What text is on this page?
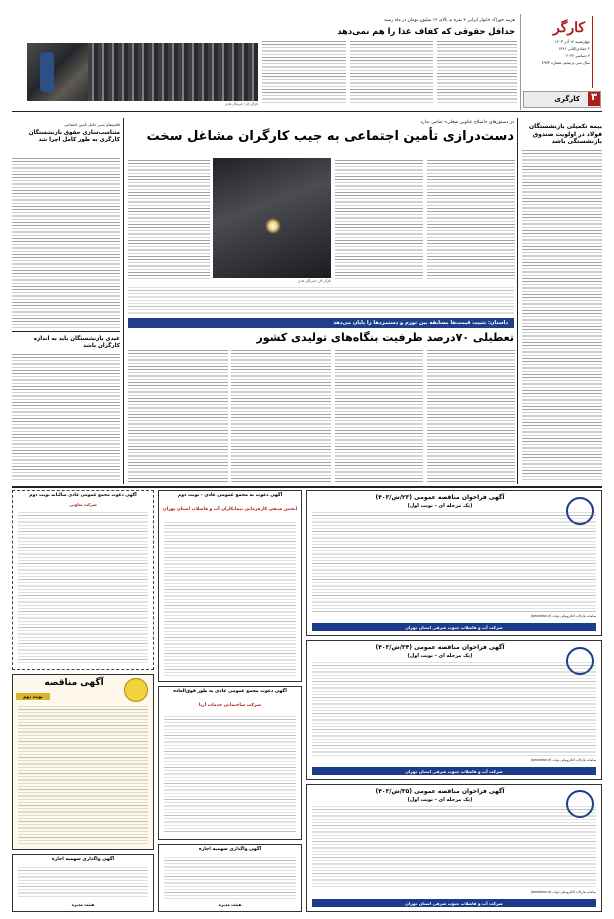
کارگر کار / خبرنگار عادی
هزینه خوراک خانوار ایرانی ۳ نفره به بالای ۱۲ میلیون تومان در ماه رسید
حداقل حقوقی که کفاف غذا را هم نمی‌دهد	کارگر
چهارشنبه ۱۴ آذر ۱۴۰۳
۲ جمادی‌الثانی ۱۴۴۶
۴ دسامبر ۲۰۲۴
سال سی و پنجم، شماره ۷۹۷۳
کارگری ۳
بیمه تکمیلی بازنشستگان فولاد در اولویت صندوق بازنشستگی باشد
قائم‌مقام مدیر عامل تأمین اجتماعی
متناسب‌سازی حقوق بازنشستگان کارگری به طور کامل اجرا شد
عیدی بازنشستگان باید به اندازه کارگران باشد
در دستورهای «اصلاح عناوین شغلی» تمامی ندارد
دست‌درازی تأمین اجتماعی به جیب کارگران مشاغل سخت
کارگر کار / خبرنگار عادی
داستان: تثبیت قیمت‌ها مسابقه بین تورم و دستمزدها را پایان می‌دهد
تعطیلی ۷۰درصد ظرفیت بنگاه‌های تولیدی کشور
آگهی فراخوان مناقصه عمومی (۲۳/ش/۴۰۳)
(یک مرحله ای - نوبت اول)
سامانه تدارکات الکترونیکی دولت (setadiran.ir)
شرکت آب و فاضلاب جنوب شرقی استان تهران
آگهی فراخوان مناقصه عمومی (۳۴/ش/۴۰۳)
(یک مرحله ای - نوبت اول)
سامانه تدارکات الکترونیکی دولت (setadiran.ir)
شرکت آب و فاضلاب جنوب شرقی استان تهران
آگهی فراخوان مناقصه عمومی (۳۵/ش/۴۰۳)
(یک مرحله ای - نوبت اول)
سامانه تدارکات الکترونیکی دولت (setadiran.ir)
شرکت آب و فاضلاب جنوب شرقی استان تهران
آگهی دعوت به مجمع عمومی عادی - نوبت دوم
انجمن صنفی کارفرمایی پیمانکاران آب و فاضلاب استان تهران
آگهی دعوت مجمع عمومی عادی به طور فوق‌العاده
شرکت ساختمانی خدمات آریا
آگهی واگذاری سهمیه اجاره
هیئت مدیره
آگهی دعوت مجمع عمومی عادی سالیانه نوبت دوم
شرکت تعاونی
آگهی مناقصه
نوبت دوم
آگهی واگذاری سهمیه اجاره
هیئت مدیره
